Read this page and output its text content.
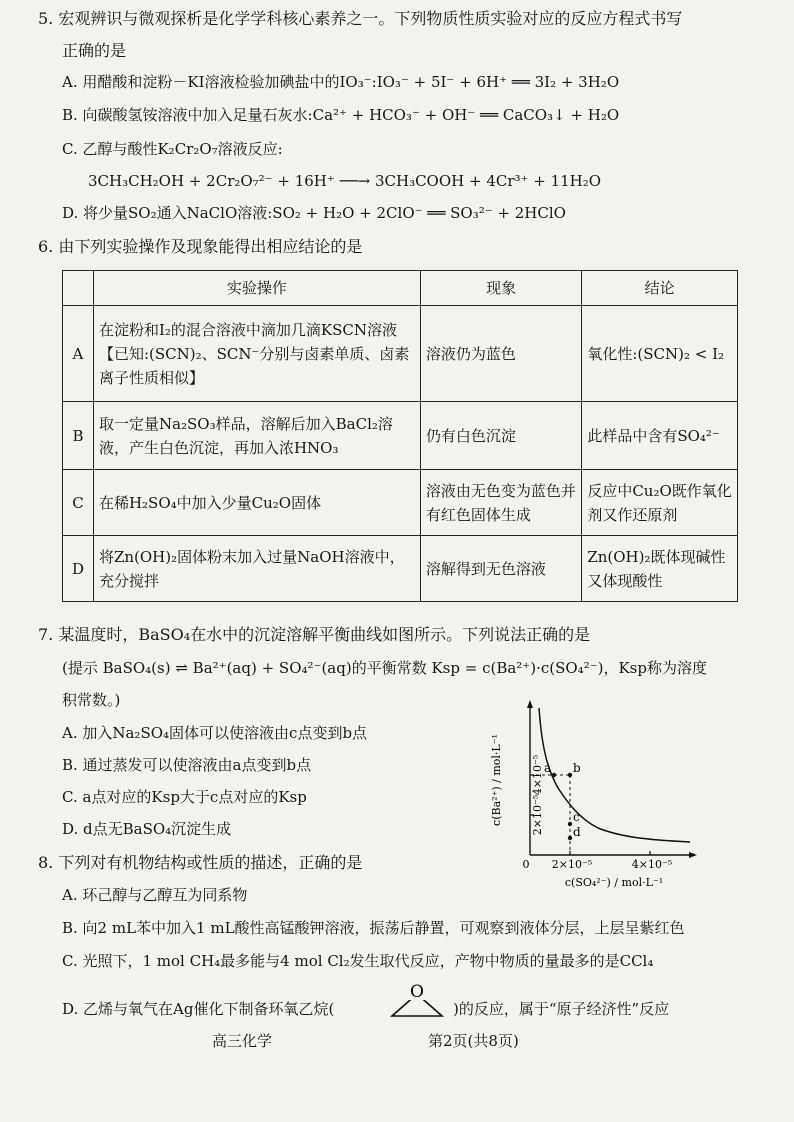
5. 宏观辨识与微观探析是化学学科核心素养之一。下列物质性质实验对应的反应方程式书写
正确的是
A. 用醋酸和淀粉－KI溶液检验加碘盐中的IO₃⁻:IO₃⁻ + 5I⁻ + 6H⁺ ══ 3I₂ + 3H₂O
B. 向碳酸氢铵溶液中加入足量石灰水:Ca²⁺ + HCO₃⁻ + OH⁻ ══ CaCO₃↓ + H₂O
C. 乙醇与酸性K₂Cr₂O₇溶液反应:
3CH₃CH₂OH + 2Cr₂O₇²⁻ + 16H⁺ ──→ 3CH₃COOH + 4Cr³⁺ + 11H₂O
D. 将少量SO₂通入NaClO溶液:SO₂ + H₂O + 2ClO⁻ ══ SO₃²⁻ + 2HClO
6. 由下列实验操作及现象能得出相应结论的是
	实验操作	现象	结论
A	在淀粉和I₂的混合溶液中滴加几滴KSCN溶液【已知:(SCN)₂、SCN⁻分别与卤素单质、卤素离子性质相似】	溶液仍为蓝色	氧化性:(SCN)₂ < I₂
B	取一定量Na₂SO₃样品，溶解后加入BaCl₂溶液，产生白色沉淀，再加入浓HNO₃	仍有白色沉淀	此样品中含有SO₄²⁻
C	在稀H₂SO₄中加入少量Cu₂O固体	溶液由无色变为蓝色并有红色固体生成	反应中Cu₂O既作氧化剂又作还原剂
D	将Zn(OH)₂固体粉末加入过量NaOH溶液中，充分搅拌	溶解得到无色溶液	Zn(OH)₂既体现碱性又体现酸性
7. 某温度时，BaSO₄在水中的沉淀溶解平衡曲线如图所示。下列说法正确的是
(提示 BaSO₄(s) ⇌ Ba²⁺(aq) + SO₄²⁻(aq)的平衡常数 Ksp = c(Ba²⁺)·c(SO₄²⁻)，Ksp称为溶度
积常数。)
A. 加入Na₂SO₄固体可以使溶液由c点变到b点
B. 通过蒸发可以使溶液由a点变到b点
C. a点对应的Ksp大于c点对应的Ksp
D. d点无BaSO₄沉淀生成
a b
c
d
2×10⁻⁵
4×10⁻⁵
0 2×10⁻⁵	4×10⁻⁵
c(Ba²⁺) / mol·L⁻¹
c(SO₄²⁻) / mol·L⁻¹
8. 下列对有机物结构或性质的描述，正确的是
A. 环己醇与乙醇互为同系物
B. 向2 mL苯中加入1 mL酸性高锰酸钾溶液，振荡后静置，可观察到液体分层，上层呈紫红色
C. 光照下，1 mol CH₄最多能与4 mol Cl₂发生取代反应，产物中物质的量最多的是CCl₄
D. 乙烯与氧气在Ag催化下制备环氧乙烷(
O
)的反应，属于“原子经济性”反应
高三化学	第2页(共8页)
